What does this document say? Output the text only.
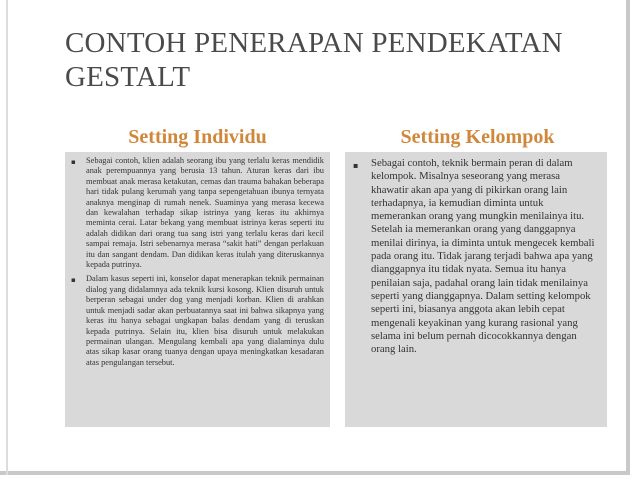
CONTOH PENERAPAN PENDEKATAN
GESTALT
Setting Individu	Setting Kelompok
▪ Sebagai contoh, klien adalah seorang ibu yang terlalu keras mendidik anak perempuannya yang berusia 13 tahun. Aturan keras dari ibu membuat anak merasa ketakutan, cemas dan trauma bahakan beberapa hari tidak pulang kerumah yang tanpa sepengetahuan ibunya ternyata anaknya menginap di rumah nenek. Suaminya yang merasa kecewa dan kewalahan terhadap sikap istrinya yang keras itu akhirnya meminta cerai. Latar bekang yang membuat istrinya keras seperti itu adalah didikan dari orang tua sang istri yang terlalu keras dari kecil sampai remaja. Istri sebenarnya merasa “sakit hati” dengan perlakuan itu dan sangant dendam. Dan didikan keras itulah yang diteruskannya kepada putrinya.
▪ Dalam kasus seperti ini, konselor dapat menerapkan teknik permainan dialog yang didalamnya ada teknik kursi kosong. Klien disuruh untuk berperan sebagai under dog yang menjadi korban. Klien di arahkan untuk menjadi sadar akan perbuatannya saat ini bahwa sikapnya yang keras itu hanya sebagai ungkapan balas dendam yang di teruskan kepada putrinya. Selain itu, klien bisa disuruh untuk melakukan permainan ulangan. Mengulang kembali apa yang dialaminya dulu atas sikap kasar orang tuanya dengan upaya meningkatkan kesadaran atas pengulangan tersebut.
▪ Sebagai contoh, teknik bermain peran di dalam kelompok. Misalnya seseorang yang merasa khawatir akan apa yang di pikirkan orang lain terhadapnya, ia kemudian diminta untuk memerankan orang yang mungkin menilainya itu. Setelah ia memerankan orang yang danggapnya menilai dirinya, ia diminta untuk mengecek kembali pada orang itu. Tidak jarang terjadi bahwa apa yang dianggapnya itu tidak nyata. Semua itu hanya penilaian saja, padahal orang lain tidak menilainya seperti yang dianggapnya. Dalam setting kelompok seperti ini, biasanya anggota akan lebih cepat mengenali keyakinan yang kurang rasional yang selama ini belum pernah dicocokkannya dengan orang lain.
